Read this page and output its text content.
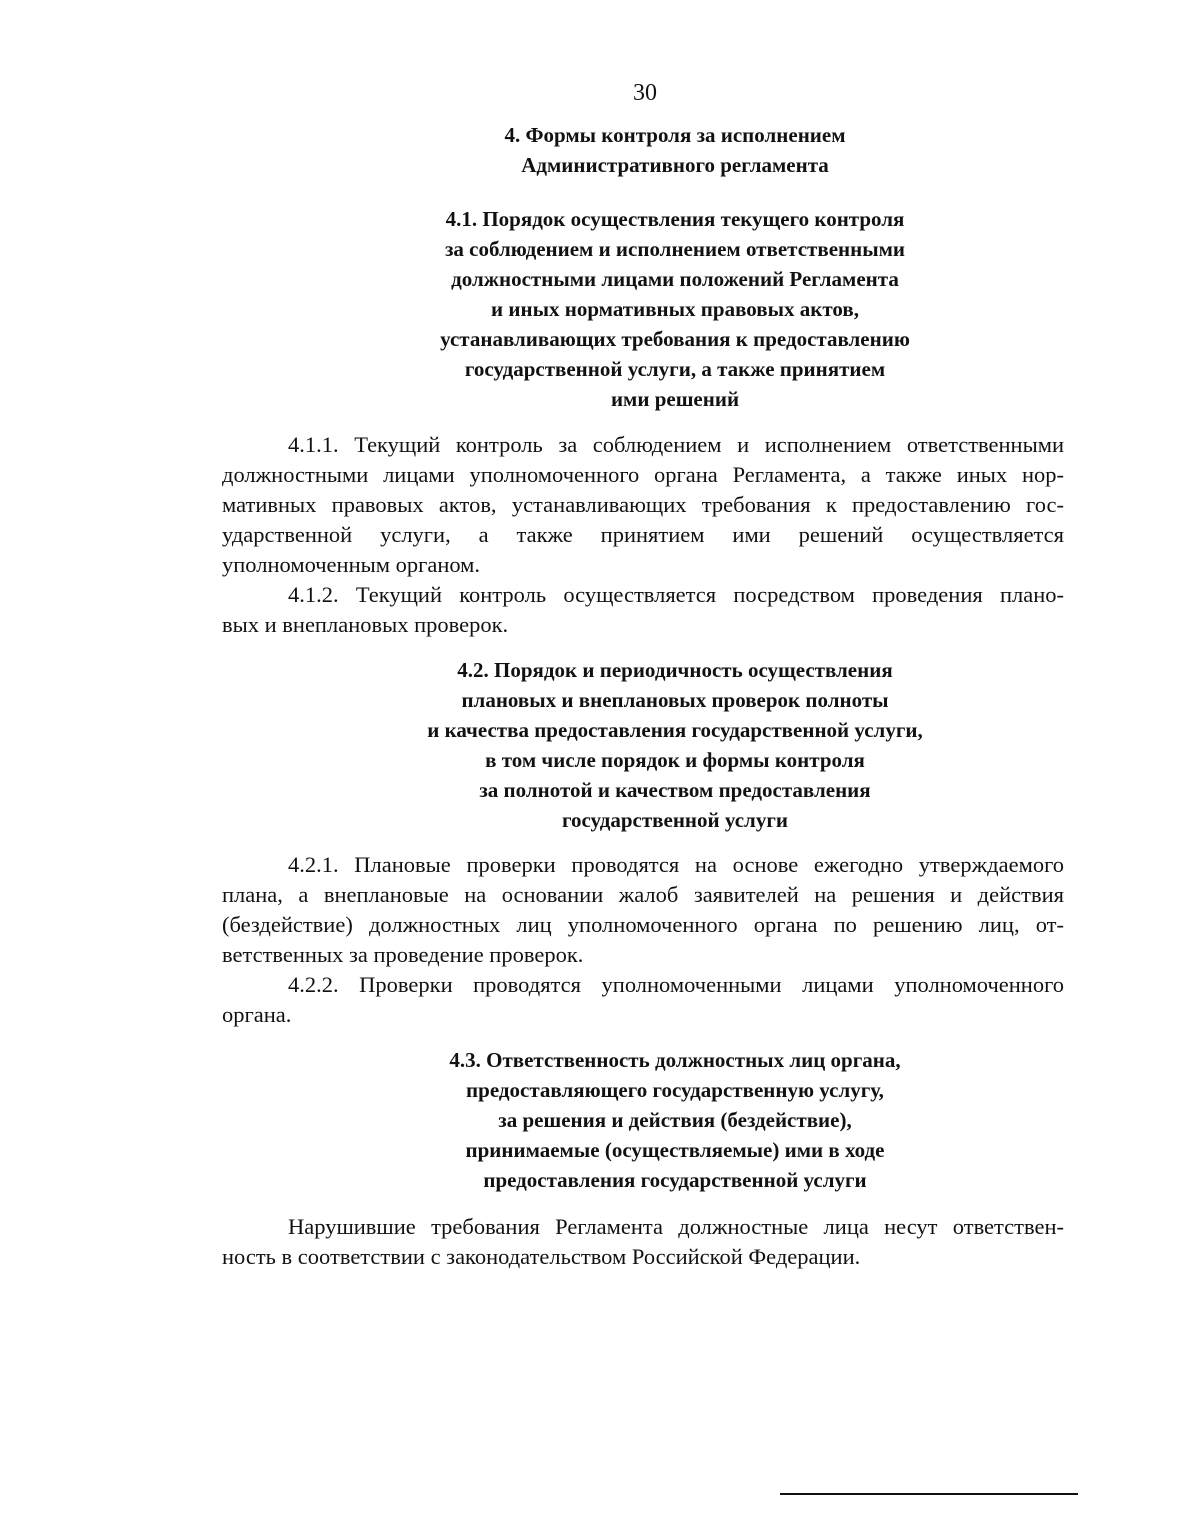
30
4. Формы контроля за исполнением
Административного регламента
4.1. Порядок осуществления текущего контроля
за соблюдением и исполнением ответственными
должностными лицами положений Регламента
и иных нормативных правовых актов,
устанавливающих требования к предоставлению
государственной услуги, а также принятием
ими решений

4.1.1. Текущий контроль за соблюдением и исполнением ответственными
должностными лицами уполномоченного органа Регламента, а также иных нор-
мативных правовых актов, устанавливающих требования к предоставлению гос-
ударственной услуги, а также принятием ими решений осуществляется
уполномоченным органом.

4.1.2. Текущий контроль осуществляется посредством проведения плано-
вых и внеплановых проверок.

4.2. Порядок и периодичность осуществления
плановых и внеплановых проверок полноты
и качества предоставления государственной услуги,
в том числе порядок и формы контроля
за полнотой и качеством предоставления
государственной услуги

4.2.1. Плановые проверки проводятся на основе ежегодно утверждаемого
плана, а внеплановые на основании жалоб заявителей на решения и действия
(бездействие) должностных лиц уполномоченного органа по решению лиц, от-
ветственных за проведение проверок.

4.2.2. Проверки проводятся уполномоченными лицами уполномоченного
органа.

4.3. Ответственность должностных лиц органа,
предоставляющего государственную услугу,
за решения и действия (бездействие),
принимаемые (осуществляемые) ими в ходе
предоставления государственной услуги

Нарушившие требования Регламента должностные лица несут ответствен-
ность в соответствии с законодательством Российской Федерации.
